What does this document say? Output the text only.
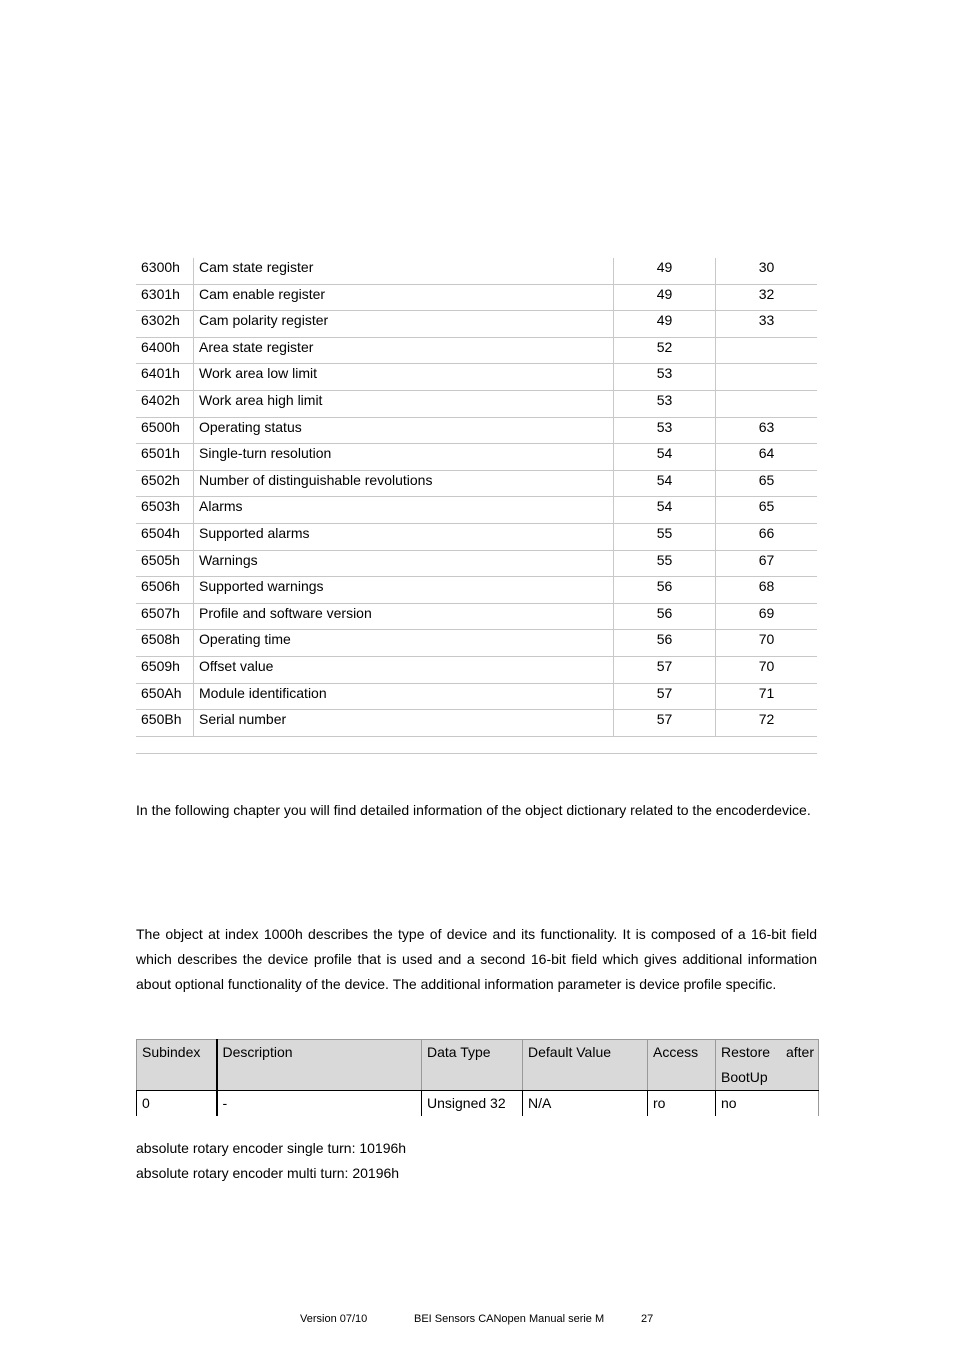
6300h	Cam state register	49	30
6301h	Cam enable register	49	32
6302h	Cam polarity register	49	33
6400h	Area state register	52	
6401h	Work area low limit	53	
6402h	Work area high limit	53	
6500h	Operating status	53	63
6501h	Single-turn resolution	54	64
6502h	Number of distinguishable revolutions	54	65
6503h	Alarms	54	65
6504h	Supported alarms	55	66
6505h	Warnings	55	67
6506h	Supported warnings	56	68
6507h	Profile and software version	56	69
6508h	Operating time	56	70
6509h	Offset value	57	70
650Ah	Module identification	57	71
650Bh	Serial number	57	72
In the following chapter you will find detailed information of the object dictionary related to the encoderdevice.
The object at index 1000h describes the type of device and its functionality. It is composed of a 16-bit field which describes the device profile that is used and a second 16-bit field which gives additional information about optional functionality of the device. The additional information parameter is device profile specific.
Subindex	Description	Data Type	Default Value	Access	Restore after
BootUp

0	-	Unsigned 32	N/A	ro	no
absolute rotary encoder single turn: 10196h
absolute rotary encoder multi turn: 20196h
Version 07/10	BEI Sensors CANopen Manual serie M	27
